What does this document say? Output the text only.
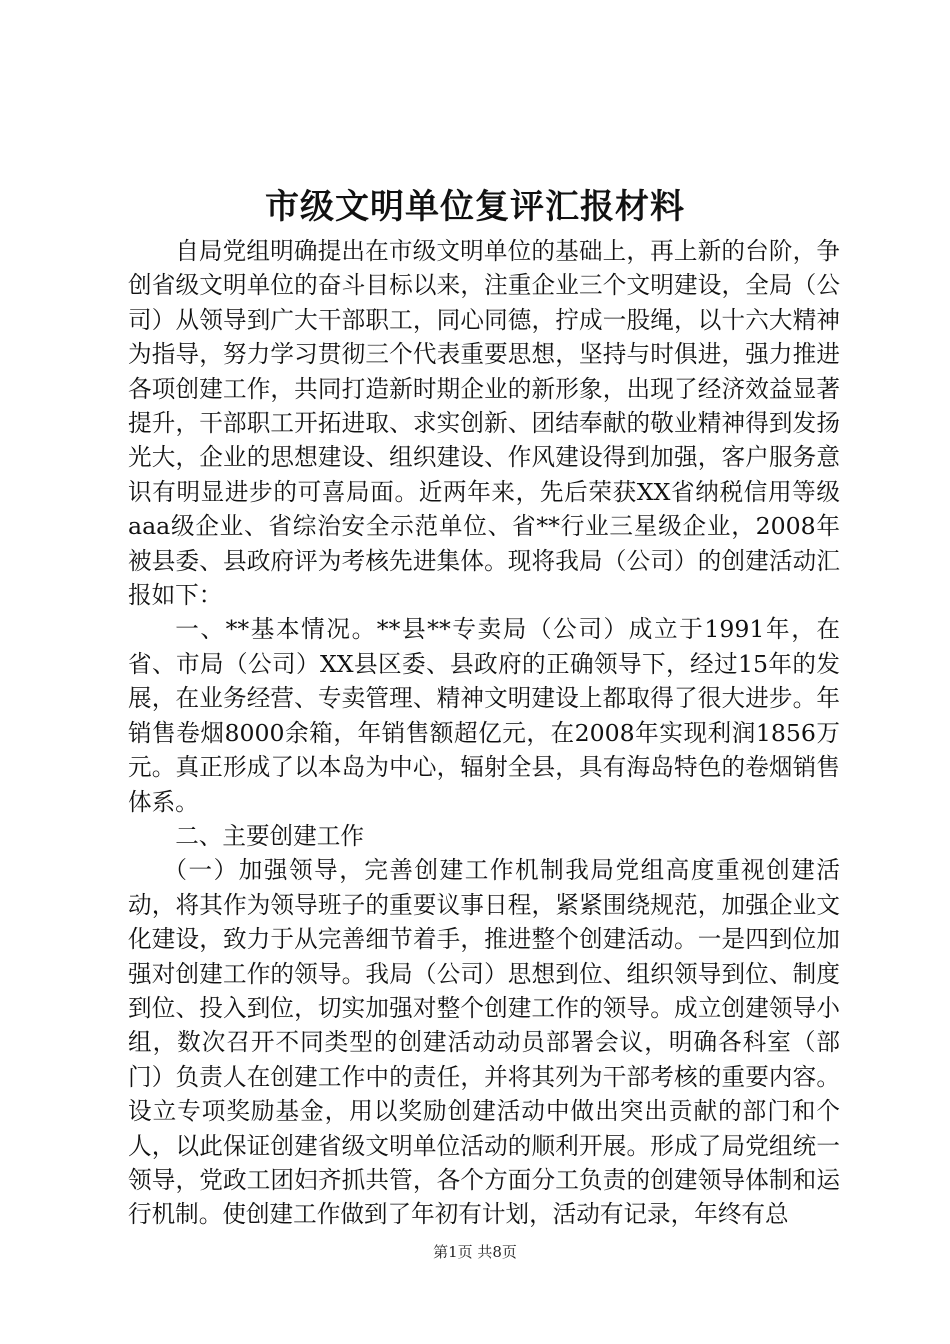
市级文明单位复评汇报材料

自局党组明确提出在市级文明单位的基础上，再上新的台阶，争创省级文明单位的奋斗目标以来，注重企业三个文明建设，全局（公司）从领导到广大干部职工，同心同德，拧成一股绳，以十六大精神为指导，努力学习贯彻三个代表重要思想，坚持与时俱进，强力推进各项创建工作，共同打造新时期企业的新形象，出现了经济效益显著提升，干部职工开拓进取、求实创新、团结奉献的敬业精神得到发扬光大，企业的思想建设、组织建设、作风建设得到加强，客户服务意识有明显进步的可喜局面。近两年来，先后荣获XX省纳税信用等级aaa级企业、省综治安全示范单位、省**行业三星级企业，2008年被县委、县政府评为考核先进集体。现将我局（公司）的创建活动汇报如下：

一、**基本情况。**县**专卖局（公司）成立于1991年，在省、市局（公司）XX县区委、县政府的正确领导下，经过15年的发展，在业务经营、专卖管理、精神文明建设上都取得了很大进步。年销售卷烟8000余箱，年销售额超亿元，在2008年实现利润1856万元。真正形成了以本岛为中心，辐射全县，具有海岛特色的卷烟销售体系。

二、主要创建工作

（一）加强领导，完善创建工作机制我局党组高度重视创建活动，将其作为领导班子的重要议事日程，紧紧围绕规范，加强企业文化建设，致力于从完善细节着手，推进整个创建活动。一是四到位加强对创建工作的领导。我局（公司）思想到位、组织领导到位、制度到位、投入到位，切实加强对整个创建工作的领导。成立创建领导小组，数次召开不同类型的创建活动动员部署会议，明确各科室（部门）负责人在创建工作中的责任，并将其列为干部考核的重要内容。设立专项奖励基金，用以奖励创建活动中做出突出贡献的部门和个人，以此保证创建省级文明单位活动的顺利开展。形成了局党组统一领导，党政工团妇齐抓共管，各个方面分工负责的创建领导体制和运行机制。使创建工作做到了年初有计划，活动有记录，年终有总

第1页 共8页
